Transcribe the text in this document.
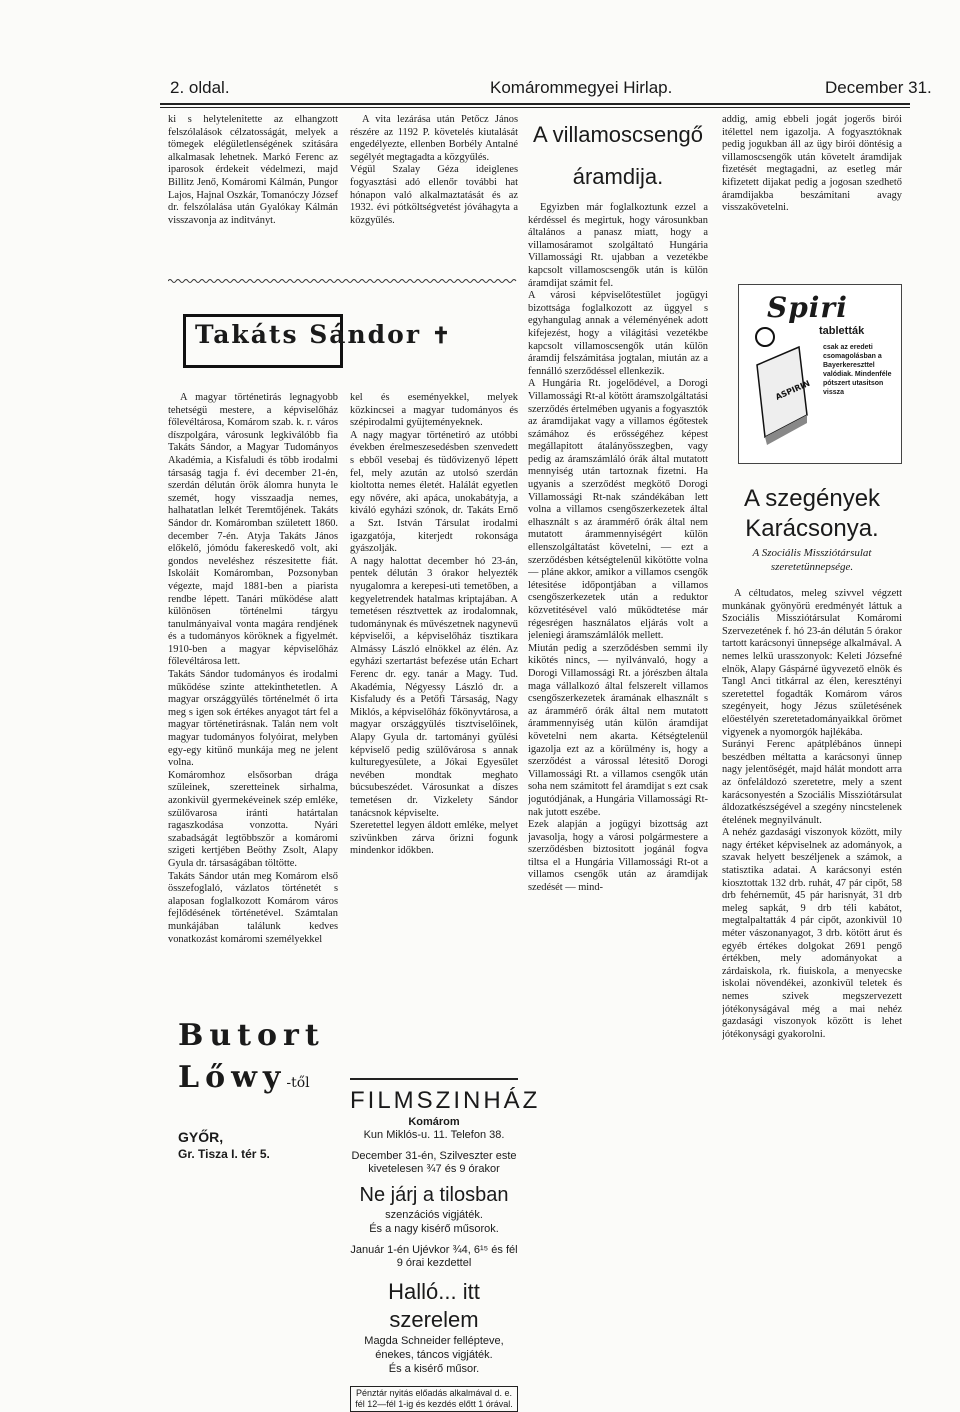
2. oldal.	Komárommegyei Hirlap.	December 31.

ki s helytelenitette az elhangzott felszólalások célzatosságát, melyek a tömegek elégületlenségének szitására alkalmasak lehetnek. Markó Ferenc az iparosok érdekeit védelmezi, majd Billitz Jenő, Komáromi Kálmán, Pungor Lajos, Hajnal Oszkár, Tomanóczy József dr. felszólalása után Gyalókay Kálmán visszavonja az inditványt.

A vita lezárása után Petőcz János részére az 1192 P. követelés kiutalását engedélyezte, ellenben Borbély Antalné segélyét megtagadta a közgyűlés.
Végül Szalay Géza ideiglenes fogyasztási adó ellenőr további hat hónapon való alkalmaztatását és az 1932. évi pótköltségvetést jóváhagyta a közgyűlés.

Takáts Sándor ✝

A magyar történetirás legnagyobb tehetségü mestere, a képviselőház főlevéltárosa, Komárom szab. k. r. város díszpolgára, városunk legkiválóbb fia Takáts Sándor, a Magyar Tudományos Akadémia, a Kisfaludi és több irodalmi társaság tagja f. évi december 21-én, szerdán délután örök álomra hunyta le szemét, hogy visszaadja nemes, halhatatlan lelkét Teremtőjének. Takáts Sándor dr. Komáromban született 1860. december 7-én. Atyja Takáts János előkelő, jómódu fakereskedő volt, aki gondos neveléshez részesitette fiát. Iskoláit Komáromban, Pozsonyban végezte, majd 1881-ben a piarista rendbe lépett. Tanári működése alatt különösen történelmi tárgyu tanulmányaival vonta magára rendjének és a tudományos köröknek a figyelmét. 1910-ben a magyar képviselőház főlevéltárosa lett.
Takáts Sándor tudományos és irodalmi működése szinte attekinthetetlen. A magyar országgyülés történelmét ő irta meg s igen sok értékes anyagot tárt fel a magyar történetirásnak. Talán nem volt magyar tudományos folyóirat, melyben egy-egy kitünő munkája meg ne jelent volna.
Komáromhoz elsősorban drága szüleinek, szeretteinek sirhalma, azonkivül gyermekéveinek szép emléke, szülővarosa iránti határtalan ragaszkodása vonzotta. Nyári szabadságát legtöbbször a komáromi szigeti kertjében Beöthy Zsolt, Alapy Gyula dr. társaságában töltötte.
Takáts Sándor után meg Komárom első összefoglaló, vázlatos történetét s alaposan foglalkozott Komárom város fejlődésének történetével. Számtalan munkájában találunk kedves vonatkozást komáromi személyekkel

kel és eseményekkel, melyek közkincsei a magyar tudományos és szépirodalmi gyüjteményeknek.
A nagy magyar történetiró az utóbbi években érelmeszesedésben szenvedett s ebből vesebaj és tüdővizenyő lépett fel, mely azután az utolsó szerdán kioltotta nemes életét. Halálát egyetlen egy nővére, aki apáca, unokabátyja, a kiváló egyházi szónok, dr. Takáts Ernő a Szt. István Társulat irodalmi igazgatója, kiterjedt rokonsága gyászolják.
A nagy halottat december hó 23-án, pentek délután 3 órakor helyezték nyugalomra a kerepesi-uti temetőben, a kegyeletrendek hatalmas kriptajában. A temetésen résztvettek az irodalomnak, tudománynak és művészetnek nagynevű képviselői, a képviselőház tisztikara Almássy László elnökkel az élén. Az egyházi szertartást befezése után Echart Ferenc dr. egy. tanár a Magy. Tud. Akadémia, Négyessy László dr. a Kisfaludy és a Petőfi Társaság, Nagy Miklós, a képviselőház főkönyvtárosa, a magyar országgyülés tisztviselőinek, Alapy Gyula dr. tartományi gyülési képviselő pedig szülővárosa s annak kulturegyesülete, a Jókai Egyesület nevében mondtak meghato búcsubeszédet. Városunkat a díszes temetésen dr. Vizkelety Sándor tanácsnok képviselte.
Szeretettel legyen áldott emléke, melyet szivünkben zárva őrizni fogunk mindenkor időkben.

Butort
Lőwy-től
GYŐR,
Gr. Tisza I. tér 5.
FILMSZINHÁZ
Komárom
Kun Miklós-u. 11. Telefon 38.
December 31-én, Szilveszter este kivetelesen ¾7 és 9 órakor
Ne járj a tilosban
szenzációs vigjáték.
És a nagy kisérő műsorok.
Január 1-én Ujévkor ¾4, 6¹⁵ és fél 9 órai kezdettel
Halló... itt szerelem
Magda Schneider fellépteve, énekes, táncos vigjáték.
És a kisérő műsor.
Pénztár nyitás előadás alkalmával d. e. fél 12—fél 1-ig és kezdés előtt 1 órával.
A villamoscsengő
áramdija.

Egyizben már foglalkoztunk ezzel a kérdéssel és megirtuk, hogy városunkban általános a panasz miatt, hogy a villamosáramot szolgáltató Hungária Villamossági Rt. ujabban a vezetékbe kapcsolt villamoscsengők után is külön áramdijat számit fel.
A városi képviselőtestület jogügyi bizottsága foglalkozott az üggyel s egyhangulag annak a véleményének adott kifejezést, hogy a világitási vezetékbe kapcsolt villamoscsengők után külön áramdij felszámitása jogtalan, miután az a fennálló szerződéssel ellenkezik.
A Hungária Rt. jogelődével, a Dorogi Villamossági Rt-al kötött áramszolgáltatási szerződés értelmében ugyanis a fogyasztók az áramdijakat vagy a villamos égőtestek számához és erősségéhez képest megállapitott átalányösszegben, vagy pedig az áramszámláló órák által mutatott mennyiség után tartoznak fizetni. Ha ugyanis a szerződést megkötő Dorogi Villamossági Rt-nak szándékában lett volna a villamos csengőszerkezetek által elhasznált s az árammérő órák által nem mutatott árammennyiségért külön ellenszolgáltatást követelni, — ezt a szerződésben kétségtelenül kikötötte volna — pláne akkor, amikor a villamos csengők létesitése időpontjában a villamos csengőszerkezetek után a reduktor közvetitésével való működtetése már régesrégen használatos eljárás volt a jeleniegi áramszámlálók mellett.
Miután pedig a szerződésben semmi ily kikötés nincs, — nyilvánvaló, hogy a Dorogi Villamossági Rt. a jórészben általa maga vállalkozó által felszerelt villamos csengőszerkezetek áramának elhasznált s az árammérő órák által nem mutatott árammennyiség után külön áramdijat követelni nem akarta. Kétségtelenül igazolja ezt az a körülmény is, hogy a szerződést a várossal létesitő Dorogi Villamossági Rt. a villamos csengők után soha nem számitott fel áramdijat s ezt csak jogutódjának, a Hungária Villamossági Rt-nak jutott eszébe.
Ezek alapján a jogügyi bizottság azt javasolja, hogy a városi polgármestere a szerződésben biztositott jogánál fogva tiltsa el a Hungária Villamossági Rt-ot a villamos csengők után az áramdijak szedését — mind-

addig, amig ebbeli jogát jogerős birói itélettel nem igazolja. A fogyasztóknak pedig jogukban áll az ügy birói döntésig a villamoscsengők után követelt áramdijak fizetését megtagadni, az esetleg már kifizetett dijakat pedig a jogosan szedhető áramdijakba beszámitani avagy visszakövetelni.

Spiri
tabletták
csak az eredeti csomagolásban a Bayerkereszttel valódiak. Mindenféle pótszert utasitson vissza
ASPIRIN
A szegények
Karácsonya.
A Szociális Missziótársulat szeretetünnepsége.

A céltudatos, meleg szivvel végzett munkának gyönyörü eredményét láttuk a Szociális Missziótársulat Komáromi Szervezetének f. hó 23-án délután 5 órakor tartott karácsonyi ünnepsége alkalmával. A nemes lelkü urasszonyok: Keleti Józsefné elnök, Alapy Gáspárné ügyvezető elnök és Tangl Anci titkárral az élen, keresztényi szeretettel fogadták Komárom város szegényeit, hogy Jézus születésének előestélyén szeretetadományaikkal örömet vigyenek a nyomorgók hajlékába.
Surányi Ferenc apátplébános ünnepi beszédben méltatta a karácsonyi ünnep nagy jelentőségét, majd hálát mondott arra az önfeláldozó szeretetre, mely a szent karácsonyestén a Szociális Missziótársulat áldozatkészségével a szegény nincstelenek ételének megnyilvánult.
A nehéz gazdasági viszonyok között, mily nagy értéket képviselnek az adományok, a szavak helyett beszéljenek a számok, a statisztika adatai. A karácsonyi estén kiosztottak 132 drb. ruhát, 47 pár cipőt, 58 drb fehérneműt, 45 pár harisnyát, 31 drb meleg sapkát, 9 drb téli kabátot, megtalpaltatták 4 pár cipőt, azonkivül 10 méter vászonanyagot, 3 drb. kötött árut és egyéb értékes dolgokat 2691 pengő értékben, mely adományokat a zárdaiskola, rk. fiuiskola, a menyecske iskolai növendékei, azonkivül teletek és nemes szivek megszervezett jótékonyságával még a mai nehéz gazdasági viszonyok között is lehet jótékonysági gyakorolni.
